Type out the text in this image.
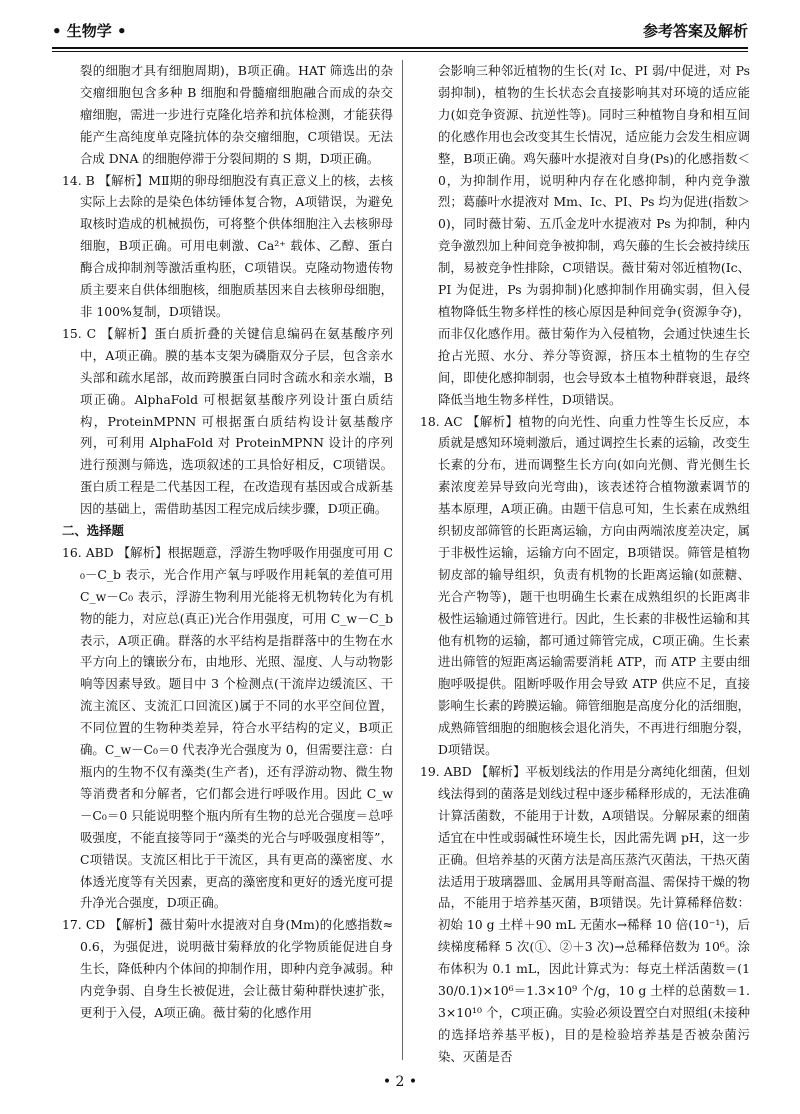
• 生物学 •	参考答案及解析

裂的细胞才具有细胞周期)，B项正确。HAT 筛选出的杂交瘤细胞包含多种 B 细胞和骨髓瘤细胞融合而成的杂交瘤细胞，需进一步进行克隆化培养和抗体检测，才能获得能产生高纯度单克隆抗体的杂交瘤细胞，C项错误。无法合成 DNA 的细胞停滞于分裂间期的 S 期，D项正确。

14. B 【解析】MⅡ期的卵母细胞没有真正意义上的核，去核实际上去除的是染色体纺锤体复合物，A项错误，为避免取核时造成的机械损伤，可将整个供体细胞注入去核卵母细胞，B项正确。可用电刺激、Ca²⁺ 载体、乙醇、蛋白酶合成抑制剂等激活重构胚，C项错误。克隆动物遗传物质主要来自供体细胞核，细胞质基因来自去核卵母细胞，非 100%复制，D项错误。

15. C 【解析】蛋白质折叠的关键信息编码在氨基酸序列中，A项正确。膜的基本支架为磷脂双分子层，包含亲水头部和疏水尾部，故而跨膜蛋白同时含疏水和亲水端，B项正确。AlphaFold 可根据氨基酸序列设计蛋白质结构，ProteinMPNN 可根据蛋白质结构设计氨基酸序列，可利用 AlphaFold 对 ProteinMPNN 设计的序列进行预测与筛选，选项叙述的工具恰好相反，C项错误。蛋白质工程是二代基因工程，在改造现有基因或合成新基因的基础上，需借助基因工程完成后续步骤，D项正确。

二、选择题

16. ABD 【解析】根据题意，浮游生物呼吸作用强度可用 C₀－C_b 表示，光合作用产氧与呼吸作用耗氧的差值可用 C_w－C₀ 表示，浮游生物利用光能将无机物转化为有机物的能力，对应总(真正)光合作用强度，可用 C_w－C_b 表示，A项正确。群落的水平结构是指群落中的生物在水平方向上的镶嵌分布，由地形、光照、湿度、人与动物影响等因素导致。题目中 3 个检测点(干流岸边缓流区、干流主流区、支流汇口回流区)属于不同的水平空间位置，不同位置的生物种类差异，符合水平结构的定义，B项正确。C_w－C₀＝0 代表净光合强度为 0，但需要注意：白瓶内的生物不仅有藻类(生产者)，还有浮游动物、微生物等消费者和分解者，它们都会进行呼吸作用。因此 C_w－C₀＝0 只能说明整个瓶内所有生物的总光合强度＝总呼吸强度，不能直接等同于“藻类的光合与呼吸强度相等”，C项错误。支流区相比于干流区，具有更高的藻密度、水体透光度等有关因素，更高的藻密度和更好的透光度可提升净光合强度，D项正确。

17. CD 【解析】薇甘菊叶水提液对自身(Mm)的化感指数≈0.6，为强促进，说明薇甘菊释放的化学物质能促进自身生长，降低种内个体间的抑制作用，即种内竞争减弱。种内竞争弱、自身生长被促进，会让薇甘菊种群快速扩张，更利于入侵，A项正确。薇甘菊的化感作用

会影响三种邻近植物的生长(对 Ic、PI 弱/中促进，对 Ps 弱抑制)，植物的生长状态会直接影响其对环境的适应能力(如竞争资源、抗逆性等)。同时三种植物自身和相互间的化感作用也会改变其生长情况，适应能力会发生相应调整，B项正确。鸡矢藤叶水提液对自身(Ps)的化感指数＜0，为抑制作用，说明种内存在化感抑制，种内竞争激烈；葛藤叶水提液对 Mm、Ic、PI、Ps 均为促进(指数＞0)，同时薇甘菊、五爪金龙叶水提液对 Ps 为抑制，种内竞争激烈加上种间竞争被抑制，鸡矢藤的生长会被持续压制，易被竞争性排除，C项错误。薇甘菊对邻近植物(Ic、PI 为促进，Ps 为弱抑制)化感抑制作用确实弱，但入侵植物降低生物多样性的核心原因是种间竞争(资源争夺)，而非仅化感作用。薇甘菊作为入侵植物，会通过快速生长抢占光照、水分、养分等资源，挤压本土植物的生存空间，即使化感抑制弱，也会导致本土植物种群衰退，最终降低当地生物多样性，D项错误。

18. AC 【解析】植物的向光性、向重力性等生长反应，本质就是感知环境刺激后，通过调控生长素的运输，改变生长素的分布，进而调整生长方向(如向光侧、背光侧生长素浓度差异导致向光弯曲)，该表述符合植物激素调节的基本原理，A项正确。由题干信息可知，生长素在成熟组织韧皮部筛管的长距离运输，方向由两端浓度差决定，属于非极性运输，运输方向不固定，B项错误。筛管是植物韧皮部的输导组织，负责有机物的长距离运输(如蔗糖、光合产物等)，题干也明确生长素在成熟组织的长距离非极性运输通过筛管进行。因此，生长素的非极性运输和其他有机物的运输，都可通过筛管完成，C项正确。生长素进出筛管的短距离运输需要消耗 ATP，而 ATP 主要由细胞呼吸提供。阻断呼吸作用会导致 ATP 供应不足，直接影响生长素的跨膜运输。筛管细胞是高度分化的活细胞，成熟筛管细胞的细胞核会退化消失，不再进行细胞分裂，D项错误。

19. ABD 【解析】平板划线法的作用是分离纯化细菌，但划线法得到的菌落是划线过程中逐步稀释形成的，无法准确计算活菌数，不能用于计数，A项错误。分解尿素的细菌适宜在中性或弱碱性环境生长，因此需先调 pH，这一步正确。但培养基的灭菌方法是高压蒸汽灭菌法，干热灭菌法适用于玻璃器皿、金属用具等耐高温、需保持干燥的物品，不能用于培养基灭菌，B项错误。先计算稀释倍数：初始 10 g 土样＋90 mL 无菌水→稀释 10 倍(10⁻¹)，后续梯度稀释 5 次(①、②＋3 次)→总稀释倍数为 10⁶。涂布体积为 0.1 mL，因此计算式为：每克土样活菌数＝(130/0.1)×10⁶＝1.3×10⁹ 个/g，10 g 土样的总菌数＝1.3×10¹⁰ 个，C项正确。实验必须设置空白对照组(未接种的选择培养基平板)，目的是检验培养基是否被杂菌污染、灭菌是否

• 2 •
